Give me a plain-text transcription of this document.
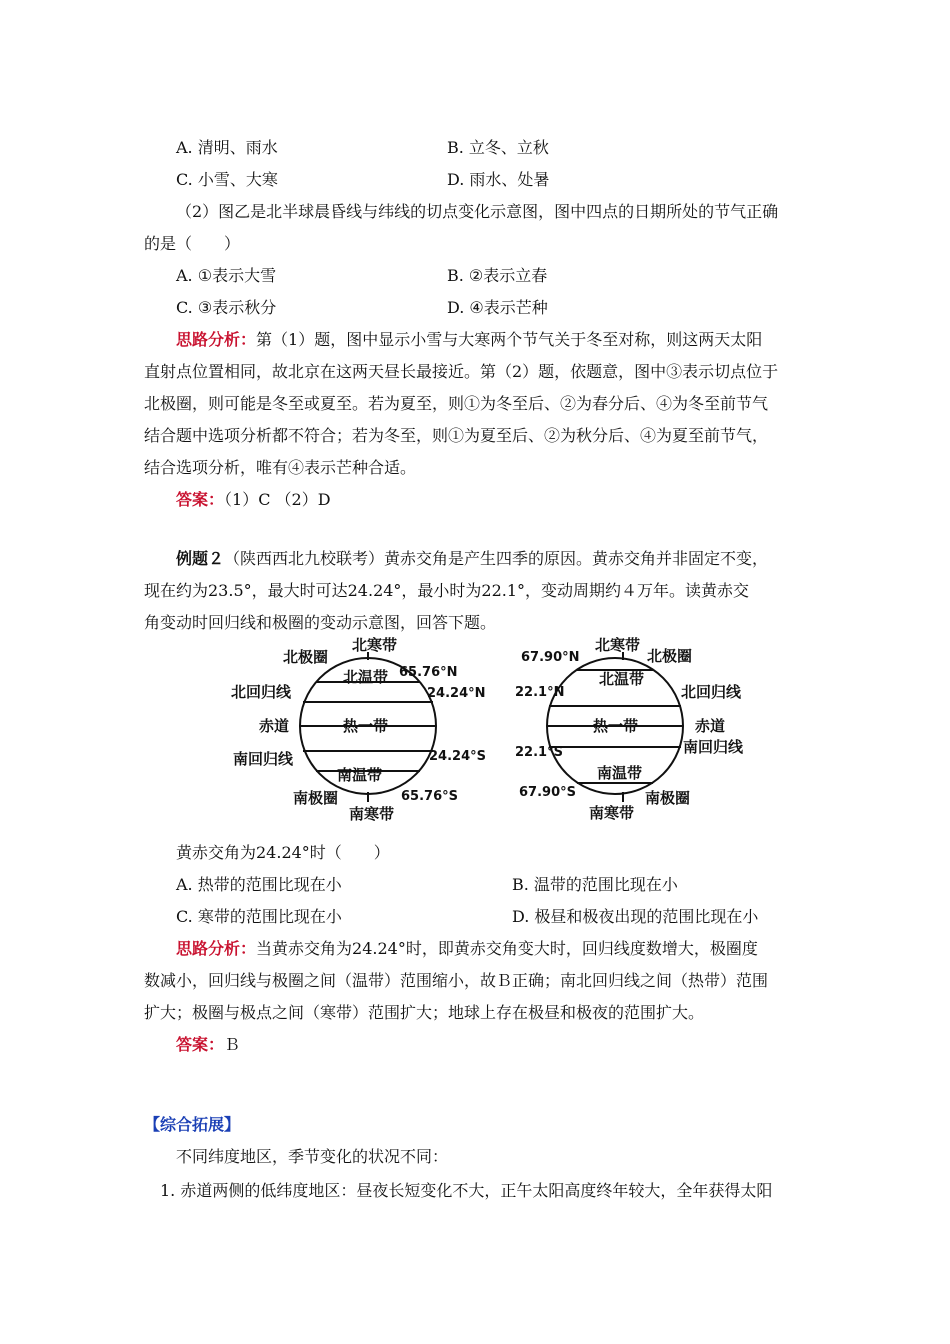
A. 清明、雨水	B. 立冬、立秋
C. 小雪、大寒	D. 雨水、处暑
（2）图乙是北半球晨昏线与纬线的切点变化示意图，图中四点的日期所处的节气正确
的是（　　）
A. ①表示大雪	B. ②表示立春
C. ③表示秋分	D. ④表示芒种
思路分析：第（1）题，图中显示小雪与大寒两个节气关于冬至对称，则这两天太阳
直射点位置相同，故北京在这两天昼长最接近。第（2）题，依题意，图中③表示切点位于
北极圈，则可能是冬至或夏至。若为夏至，则①为冬至后、②为春分后、④为冬至前节气
结合题中选项分析都不符合；若为冬至，则①为夏至后、②为秋分后、④为夏至前节气，
结合选项分析，唯有④表示芒种合适。
答案：（1）C （2）D
例题２（陕西西北九校联考）黄赤交角是产生四季的原因。黄赤交角并非固定不变，
现在约为23.5°，最大时可达24.24°，最小时为22.1°，变动周期约４万年。读黄赤交
角变动时回归线和极圈的变动示意图，回答下题。
北寒带
北极圈
65.76°N
北温带
北回归线	24.24°N
赤道	热一带
南回归线	24.24°S
南温带
南极圈	65.76°S
南寒带
北寒带
67.90°N	北极圈
北温带
22.1°N	北回归线
热一带	赤道
22.1°S	南回归线
南温带
67.90°S	南极圈
南寒带
黄赤交角为24.24°时（　　）
A. 热带的范围比现在小	B. 温带的范围比现在小
C. 寒带的范围比现在小	D. 极昼和极夜出现的范围比现在小
思路分析：当黄赤交角为24.24°时，即黄赤交角变大时，回归线度数增大，极圈度
数减小，回归线与极圈之间（温带）范围缩小，故Ｂ正确；南北回归线之间（热带）范围
扩大；极圈与极点之间（寒带）范围扩大；地球上存在极昼和极夜的范围扩大。
答案：Ｂ
【综合拓展】
不同纬度地区，季节变化的状况不同：
1. 赤道两侧的低纬度地区：昼夜长短变化不大，正午太阳高度终年较大，全年获得太阳
